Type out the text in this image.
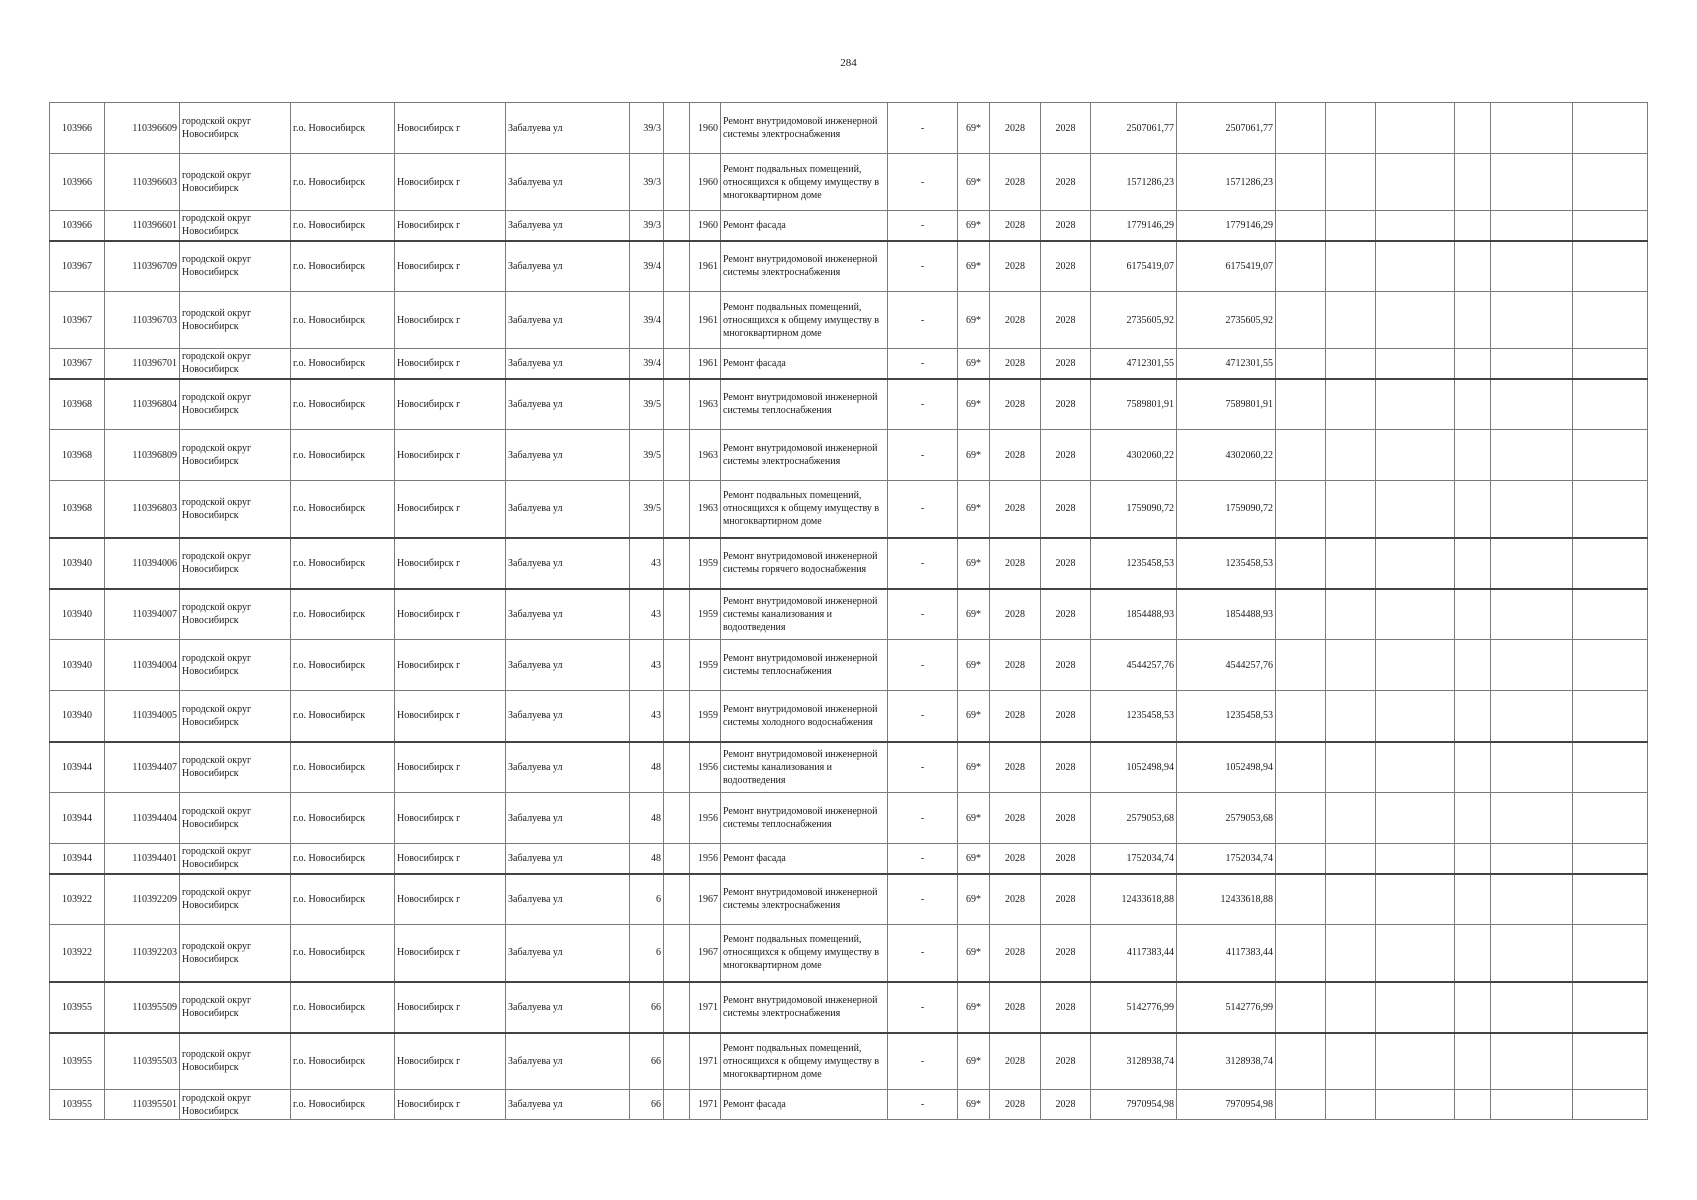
284
103966	110396609	городской округ Новосибирск	г.о. Новосибирск	Новосибирск г	Забалуева ул	39/3		1960	Ремонт внутридомовой инженерной системы электроснабжения	-	69*	2028	2028	2507061,77	2507061,77						
103966	110396603	городской округ Новосибирск	г.о. Новосибирск	Новосибирск г	Забалуева ул	39/3		1960	Ремонт подвальных помещений, относящихся к общему имуществу в многоквартирном доме	-	69*	2028	2028	1571286,23	1571286,23						
103966	110396601	городской округ Новосибирск	г.о. Новосибирск	Новосибирск г	Забалуева ул	39/3		1960	Ремонт фасада	-	69*	2028	2028	1779146,29	1779146,29						
103967	110396709	городской округ Новосибирск	г.о. Новосибирск	Новосибирск г	Забалуева ул	39/4		1961	Ремонт внутридомовой инженерной системы электроснабжения	-	69*	2028	2028	6175419,07	6175419,07						
103967	110396703	городской округ Новосибирск	г.о. Новосибирск	Новосибирск г	Забалуева ул	39/4		1961	Ремонт подвальных помещений, относящихся к общему имуществу в многоквартирном доме	-	69*	2028	2028	2735605,92	2735605,92						
103967	110396701	городской округ Новосибирск	г.о. Новосибирск	Новосибирск г	Забалуева ул	39/4		1961	Ремонт фасада	-	69*	2028	2028	4712301,55	4712301,55						
103968	110396804	городской округ Новосибирск	г.о. Новосибирск	Новосибирск г	Забалуева ул	39/5		1963	Ремонт внутридомовой инженерной системы теплоснабжения	-	69*	2028	2028	7589801,91	7589801,91						
103968	110396809	городской округ Новосибирск	г.о. Новосибирск	Новосибирск г	Забалуева ул	39/5		1963	Ремонт внутридомовой инженерной системы электроснабжения	-	69*	2028	2028	4302060,22	4302060,22						
103968	110396803	городской округ Новосибирск	г.о. Новосибирск	Новосибирск г	Забалуева ул	39/5		1963	Ремонт подвальных помещений, относящихся к общему имуществу в многоквартирном доме	-	69*	2028	2028	1759090,72	1759090,72						
103940	110394006	городской округ Новосибирск	г.о. Новосибирск	Новосибирск г	Забалуева ул	43		1959	Ремонт внутридомовой инженерной системы горячего водоснабжения	-	69*	2028	2028	1235458,53	1235458,53						
103940	110394007	городской округ Новосибирск	г.о. Новосибирск	Новосибирск г	Забалуева ул	43		1959	Ремонт внутридомовой инженерной системы канализования и водоотведения	-	69*	2028	2028	1854488,93	1854488,93						
103940	110394004	городской округ Новосибирск	г.о. Новосибирск	Новосибирск г	Забалуева ул	43		1959	Ремонт внутридомовой инженерной системы теплоснабжения	-	69*	2028	2028	4544257,76	4544257,76						
103940	110394005	городской округ Новосибирск	г.о. Новосибирск	Новосибирск г	Забалуева ул	43		1959	Ремонт внутридомовой инженерной системы холодного водоснабжения	-	69*	2028	2028	1235458,53	1235458,53						
103944	110394407	городской округ Новосибирск	г.о. Новосибирск	Новосибирск г	Забалуева ул	48		1956	Ремонт внутридомовой инженерной системы канализования и водоотведения	-	69*	2028	2028	1052498,94	1052498,94						
103944	110394404	городской округ Новосибирск	г.о. Новосибирск	Новосибирск г	Забалуева ул	48		1956	Ремонт внутридомовой инженерной системы теплоснабжения	-	69*	2028	2028	2579053,68	2579053,68						
103944	110394401	городской округ Новосибирск	г.о. Новосибирск	Новосибирск г	Забалуева ул	48		1956	Ремонт фасада	-	69*	2028	2028	1752034,74	1752034,74						
103922	110392209	городской округ Новосибирск	г.о. Новосибирск	Новосибирск г	Забалуева ул	6		1967	Ремонт внутридомовой инженерной системы электроснабжения	-	69*	2028	2028	12433618,88	12433618,88						
103922	110392203	городской округ Новосибирск	г.о. Новосибирск	Новосибирск г	Забалуева ул	6		1967	Ремонт подвальных помещений, относящихся к общему имуществу в многоквартирном доме	-	69*	2028	2028	4117383,44	4117383,44						
103955	110395509	городской округ Новосибирск	г.о. Новосибирск	Новосибирск г	Забалуева ул	66		1971	Ремонт внутридомовой инженерной системы электроснабжения	-	69*	2028	2028	5142776,99	5142776,99						
103955	110395503	городской округ Новосибирск	г.о. Новосибирск	Новосибирск г	Забалуева ул	66		1971	Ремонт подвальных помещений, относящихся к общему имуществу в многоквартирном доме	-	69*	2028	2028	3128938,74	3128938,74						
103955	110395501	городской округ Новосибирск	г.о. Новосибирск	Новосибирск г	Забалуева ул	66		1971	Ремонт фасада	-	69*	2028	2028	7970954,98	7970954,98						
